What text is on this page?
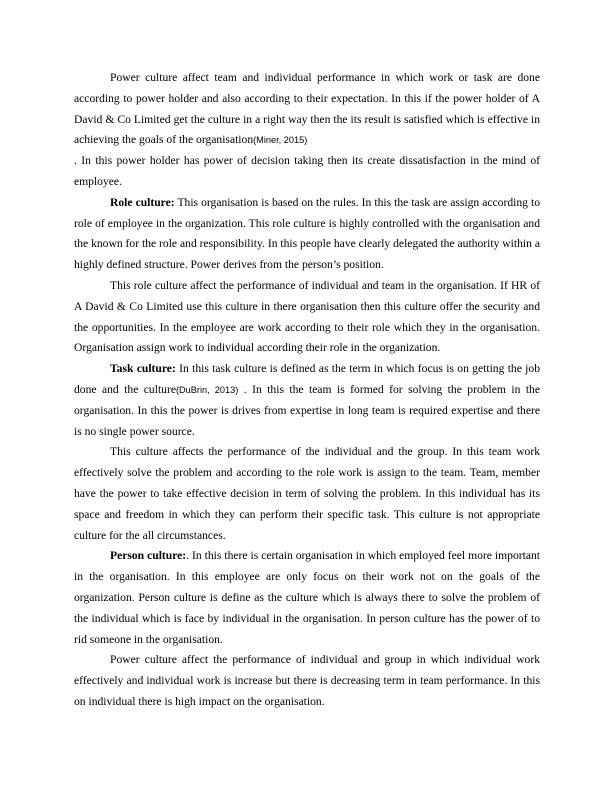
Power culture affect team and individual performance in which work or task are done according to power holder and also according to their expectation. In this if the power holder of A David & Co Limited get the culture in a right way then the its result is satisfied which is effective in achieving the goals of the organisation(Miner, 2015)

. In this power holder has power of decision taking then its create dissatisfaction in the mind of employee.

Role culture: This organisation is based on the rules. In this the task are assign according to role of employee in the organization. This role culture is highly controlled with the organisation and the known for the role and responsibility. In this people have clearly delegated the authority within a highly defined structure. Power derives from the person’s position.

This role culture affect the performance of individual and team in the organisation. If HR of A David & Co Limited use this culture in there organisation then this culture offer the security and the opportunities. In the employee are work according to their role which they in the organisation. Organisation assign work to individual according their role in the organization.

Task culture: In this task culture is defined as the term in which focus is on getting the job done and the culture(DuBrin, 2013) . In this the team is formed for solving the problem in the organisation. In this the power is drives from expertise in long team is required expertise and there is no single power source.

This culture affects the performance of the individual and the group. In this team work effectively solve the problem and according to the role work is assign to the team. Team, member have the power to take effective decision in term of solving the problem. In this individual has its space and freedom in which they can perform their specific task. This culture is not appropriate culture for the all circumstances.

Person culture:. In this there is certain organisation in which employed feel more important in the organisation. In this employee are only focus on their work not on the goals of the organization. Person culture is define as the culture which is always there to solve the problem of the individual which is face by individual in the organisation. In person culture has the power of to rid someone in the organisation.

Power culture affect the performance of individual and group in which individual work effectively and individual work is increase but there is decreasing term in team performance. In this on individual there is high impact on the organisation.
